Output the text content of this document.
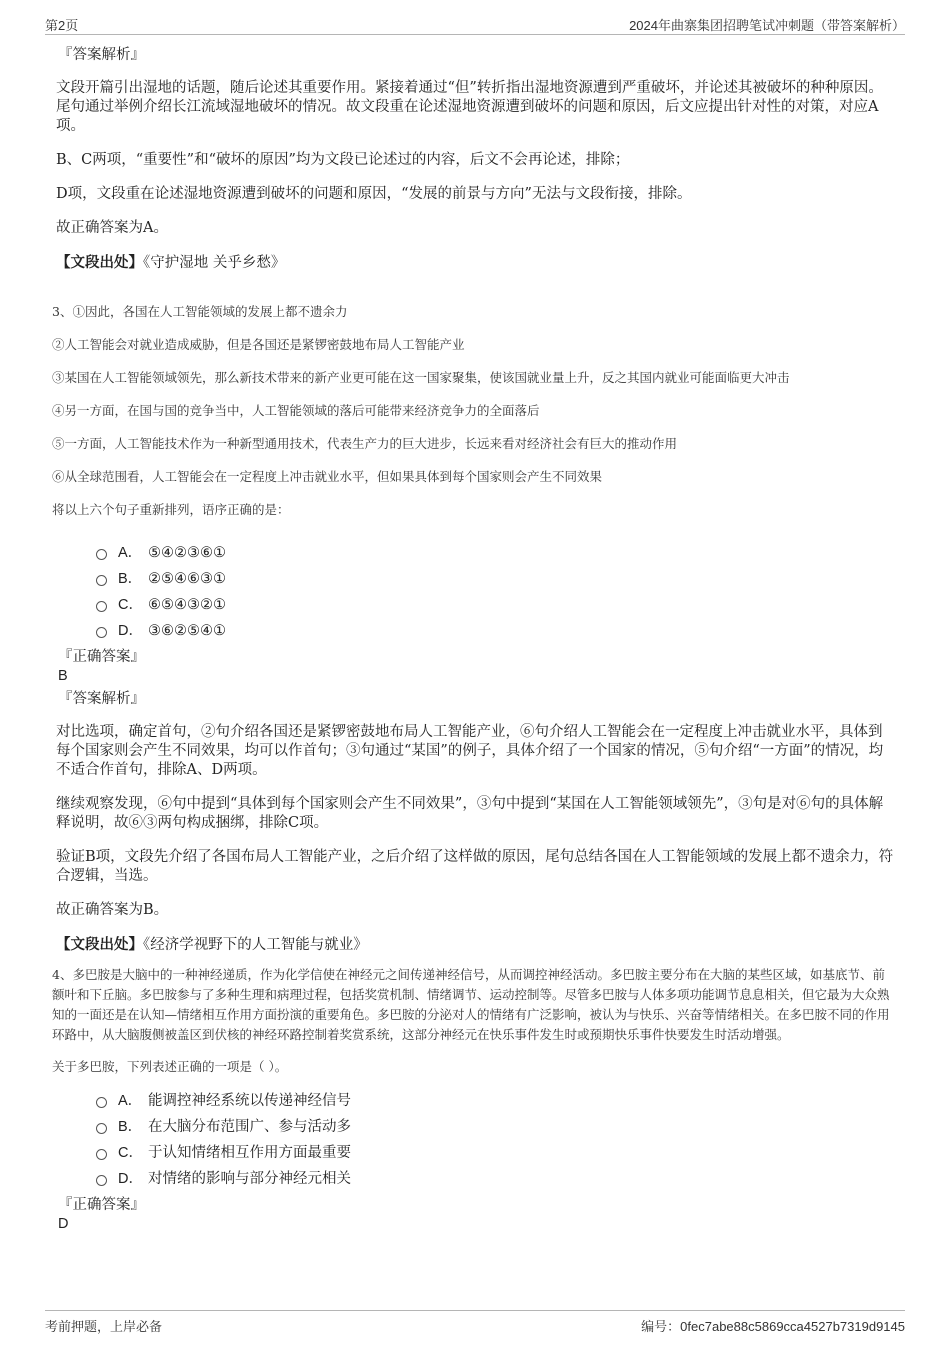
第2页	2024年曲寨集团招聘笔试冲刺题（带答案解析）

『答案解析』

文段开篇引出湿地的话题，随后论述其重要作用。紧接着通过“但”转折指出湿地资源遭到严重破坏，并论述其被破坏的种种原因。尾句通过举例介绍长江流域湿地破坏的情况。故文段重在论述湿地资源遭到破坏的问题和原因，后文应提出针对性的对策，对应A项。

B、C两项，“重要性”和“破坏的原因”均为文段已论述过的内容，后文不会再论述，排除；

D项，文段重在论述湿地资源遭到破坏的问题和原因，“发展的前景与方向”无法与文段衔接，排除。

故正确答案为A。

【文段出处】《守护湿地 关乎乡愁》

3、①因此，各国在人工智能领域的发展上都不遗余力

②人工智能会对就业造成威胁，但是各国还是紧锣密鼓地布局人工智能产业

③某国在人工智能领域领先，那么新技术带来的新产业更可能在这一国家聚集，使该国就业量上升，反之其国内就业可能面临更大冲击

④另一方面，在国与国的竞争当中，人工智能领域的落后可能带来经济竞争力的全面落后

⑤一方面，人工智能技术作为一种新型通用技术，代表生产力的巨大进步，长远来看对经济社会有巨大的推动作用

⑥从全球范围看，人工智能会在一定程度上冲击就业水平，但如果具体到每个国家则会产生不同效果

将以上六个句子重新排列，语序正确的是：

A． ⑤④②③⑥①
B． ②⑤④⑥③①
C． ⑥⑤④③②①
D． ③⑥②⑤④①

『正确答案』

B

『答案解析』

对比选项，确定首句，②句介绍各国还是紧锣密鼓地布局人工智能产业，⑥句介绍人工智能会在一定程度上冲击就业水平，具体到每个国家则会产生不同效果，均可以作首句；③句通过“某国”的例子，具体介绍了一个国家的情况，⑤句介绍“一方面”的情况，均不适合作首句，排除A、D两项。

继续观察发现，⑥句中提到“具体到每个国家则会产生不同效果”，③句中提到“某国在人工智能领域领先”，③句是对⑥句的具体解释说明，故⑥③两句构成捆绑，排除C项。

验证B项，文段先介绍了各国布局人工智能产业，之后介绍了这样做的原因，尾句总结各国在人工智能领域的发展上都不遗余力，符合逻辑，当选。

故正确答案为B。

【文段出处】《经济学视野下的人工智能与就业》

4、多巴胺是大脑中的一种神经递质，作为化学信使在神经元之间传递神经信号，从而调控神经活动。多巴胺主要分布在大脑的某些区域，如基底节、前额叶和下丘脑。多巴胺参与了多种生理和病理过程，包括奖赏机制、情绪调节、运动控制等。尽管多巴胺与人体多项功能调节息息相关，但它最为大众熟知的一面还是在认知—情绪相互作用方面扮演的重要角色。多巴胺的分泌对人的情绪有广泛影响，被认为与快乐、兴奋等情绪相关。在多巴胺不同的作用环路中，从大脑腹侧被盖区到伏核的神经环路控制着奖赏系统，这部分神经元在快乐事件发生时或预期快乐事件快要发生时活动增强。

关于多巴胺，下列表述正确的一项是（ ）。

A． 能调控神经系统以传递神经信号
B． 在大脑分布范围广、参与活动多
C． 于认知情绪相互作用方面最重要
D． 对情绪的影响与部分神经元相关

『正确答案』

D

考前押题，上岸必备	编号：0fec7abe88c5869cca4527b7319d9145
